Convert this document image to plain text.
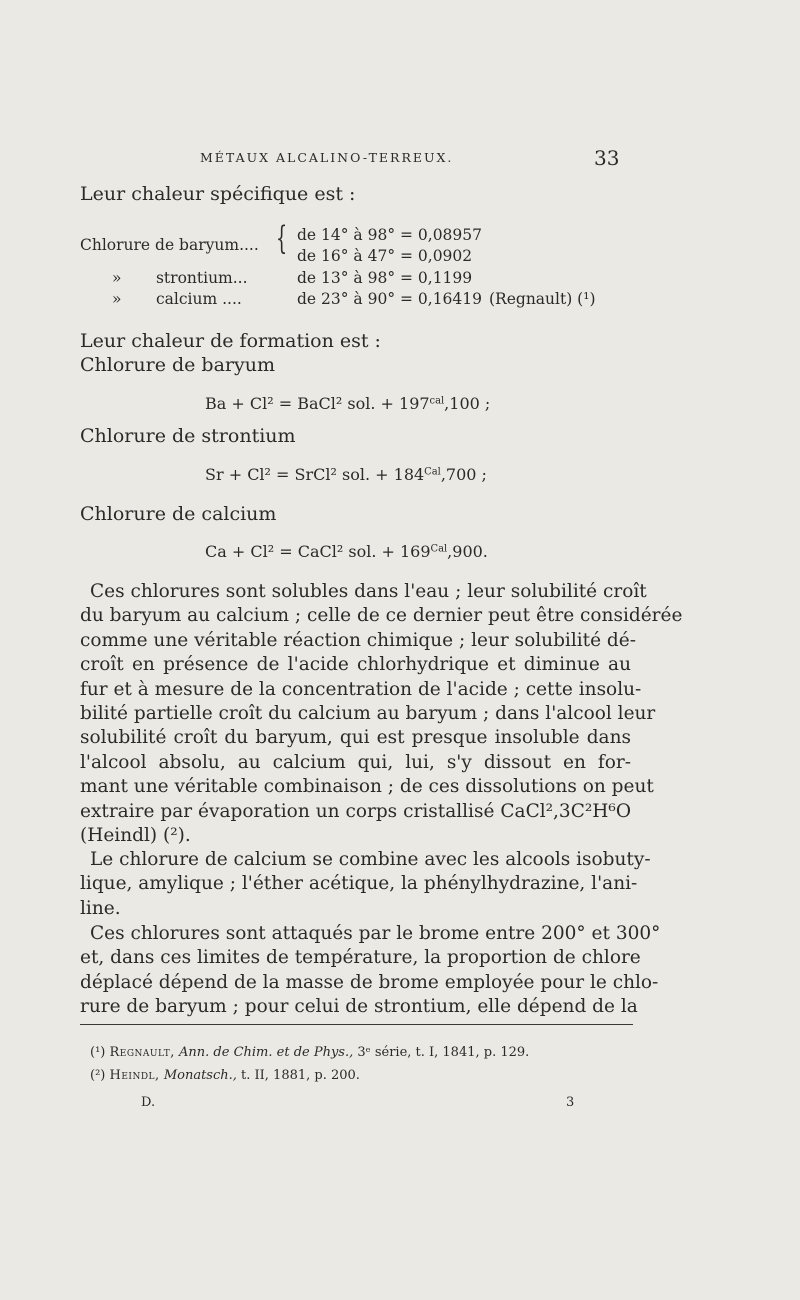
MÉTAUX ALCALINO-TERREUX.	33
Leur chaleur spécifique est :
Chlorure de baryum.... { de 14° à 98° = 0,08957
de 16° à 47° = 0,0902
»       strontium...	de 13° à 98° = 0,1199
»       calcium ....	de 23° à 90° = 0,16419 (Regnault) (¹)
Leur chaleur de formation est :
Chlorure de baryum
Ba + Cl² = BaCl² sol. + $197^{cal},100$ ;
Chlorure de strontium
Sr + Cl² = SrCl² sol. + $184^{Cal},700$ ;
Chlorure de calcium
Ca + Cl² = CaCl² sol. + $169^{Cal},900$.
Ces chlorures sont solubles dans l'eau ; leur solubilité croît
du baryum au calcium ; celle de ce dernier peut être considérée
comme une véritable réaction chimique ; leur solubilité dé-
croît en présence de l'acide chlorhydrique et diminue au
fur et à mesure de la concentration de l'acide ; cette insolu-
bilité partielle croît du calcium au baryum ; dans l'alcool leur
solubilité croît du baryum, qui est presque insoluble dans
l'alcool absolu, au calcium qui, lui, s'y dissout en for-
mant une véritable combinaison ; de ces dissolutions on peut
extraire par évaporation un corps cristallisé CaCl²,3C²H⁶O
(Heindl) (²).
Le chlorure de calcium se combine avec les alcools isobuty-
lique, amylique ; l'éther acétique, la phénylhydrazine, l'ani-
line.
Ces chlorures sont attaqués par le brome entre 200° et 300°
et, dans ces limites de température, la proportion de chlore
déplacé dépend de la masse de brome employée pour le chlo-
rure de baryum ; pour celui de strontium, elle dépend de la
(¹) Regnault, Ann. de Chim. et de Phys., 3ᵉ série, t. I, 1841, p. 129.
(²) Heindl, Monatsch., t. II, 1881, p. 200.
D.	3
